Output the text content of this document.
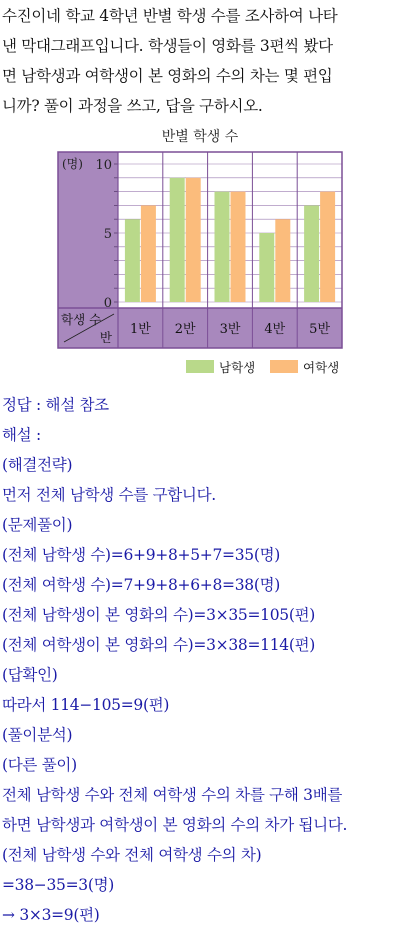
수진이네 학교 4학년 반별 학생 수를 조사하여 나타
낸 막대그래프입니다. 학생들이 영화를 3편씩 봤다
면 남학생과 여학생이 본 영화의 수의 차는 몇 편입
니까? 풀이 과정을 쓰고, 답을 구하시오.
반별 학생 수
0
5
10
(명)
학생 수
반
1반 2반 3반 4반 5반
남학생	여학생
정답 : 해설 참조
해설 :
(해결전략)
먼저 전체 남학생 수를 구합니다.
(문제풀이)
(전체 남학생 수)=6+9+8+5+7=35(명)
(전체 여학생 수)=7+9+8+6+8=38(명)
(전체 남학생이 본 영화의 수)=3×35=105(편)
(전체 여학생이 본 영화의 수)=3×38=114(편)
(답확인)
따라서 114−105=9(편)
(풀이분석)
(다른 풀이)
전체 남학생 수와 전체 여학생 수의 차를 구해 3배를
하면 남학생과 여학생이 본 영화의 수의 차가 됩니다.
(전체 남학생 수와 전체 여학생 수의 차)
=38−35=3(명)
→ 3×3=9(편)
